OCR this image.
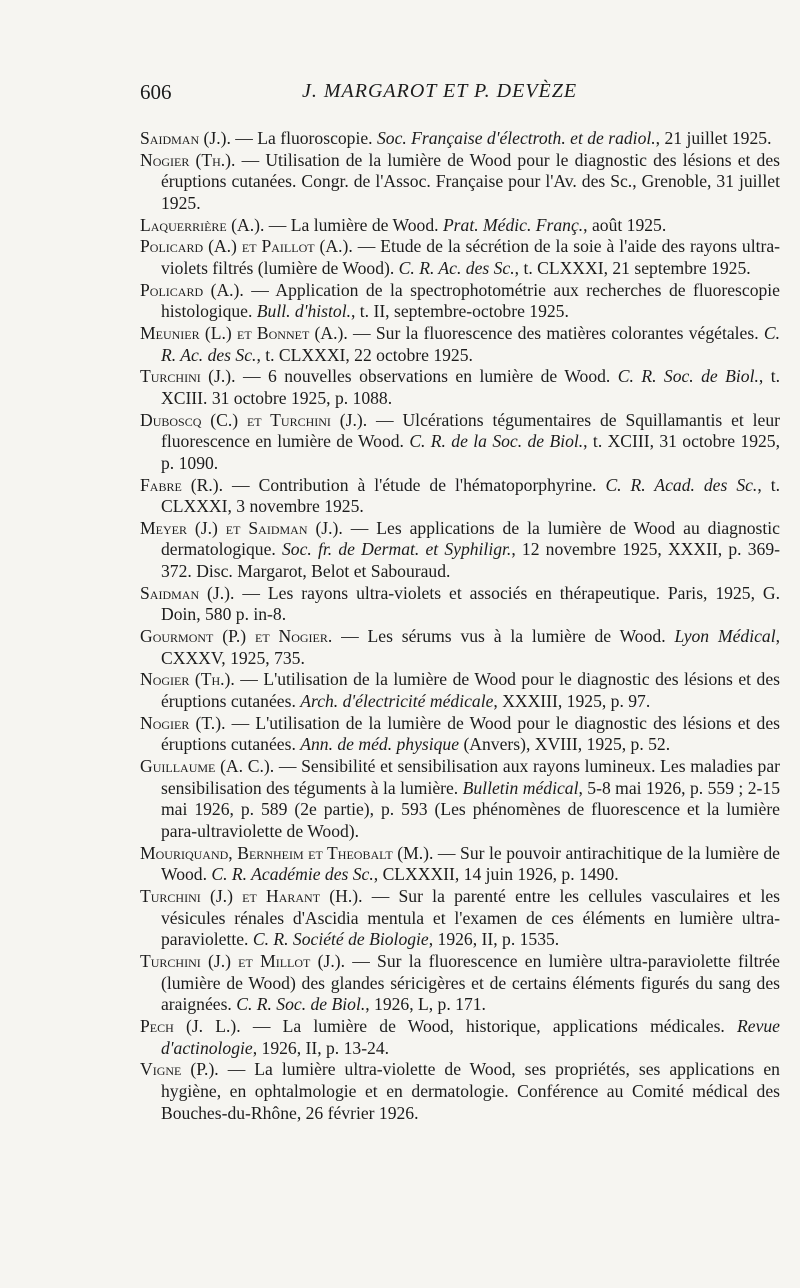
606	J. MARGAROT ET P. DEVÈZE

Saidman (J.). — La fluoroscopie. Soc. Française d'électroth. et de radiol., 21 juillet 1925.

Nogier (Th.). — Utilisation de la lumière de Wood pour le diagnostic des lésions et des éruptions cutanées. Congr. de l'Assoc. Française pour l'Av. des Sc., Grenoble, 31 juillet 1925.

Laquerrière (A.). — La lumière de Wood. Prat. Médic. Franç., août 1925.

Policard (A.) et Paillot (A.). — Etude de la sécrétion de la soie à l'aide des rayons ultra-violets filtrés (lumière de Wood). C. R. Ac. des Sc., t. CLXXXI, 21 septembre 1925.

Policard (A.). — Application de la spectrophotométrie aux recherches de fluorescopie histologique. Bull. d'histol., t. II, septembre-octobre 1925.

Meunier (L.) et Bonnet (A.). — Sur la fluorescence des matières colorantes végétales. C. R. Ac. des Sc., t. CLXXXI, 22 octobre 1925.

Turchini (J.). — 6 nouvelles observations en lumière de Wood. C. R. Soc. de Biol., t. XCIII. 31 octobre 1925, p. 1088.

Duboscq (C.) et Turchini (J.). — Ulcérations tégumentaires de Squillamantis et leur fluorescence en lumière de Wood. C. R. de la Soc. de Biol., t. XCIII, 31 octobre 1925, p. 1090.

Fabre (R.). — Contribution à l'étude de l'hématoporphyrine. C. R. Acad. des Sc., t. CLXXXI, 3 novembre 1925.

Meyer (J.) et Saidman (J.). — Les applications de la lumière de Wood au diagnostic dermatologique. Soc. fr. de Dermat. et Syphiligr., 12 novembre 1925, XXXII, p. 369-372. Disc. Margarot, Belot et Sabouraud.

Saidman (J.). — Les rayons ultra-violets et associés en thérapeutique. Paris, 1925, G. Doin, 580 p. in-8.

Gourmont (P.) et Nogier. — Les sérums vus à la lumière de Wood. Lyon Médical, CXXXV, 1925, 735.

Nogier (Th.). — L'utilisation de la lumière de Wood pour le diagnostic des lésions et des éruptions cutanées. Arch. d'électricité médicale, XXXIII, 1925, p. 97.

Nogier (T.). — L'utilisation de la lumière de Wood pour le diagnostic des lésions et des éruptions cutanées. Ann. de méd. physique (Anvers), XVIII, 1925, p. 52.

Guillaume (A. C.). — Sensibilité et sensibilisation aux rayons lumineux. Les maladies par sensibilisation des téguments à la lumière. Bulletin médical, 5-8 mai 1926, p. 559 ; 2-15 mai 1926, p. 589 (2e partie), p. 593 (Les phénomènes de fluorescence et la lumière para-ultraviolette de Wood).

Mouriquand, Bernheim et Theobalt (M.). — Sur le pouvoir antirachitique de la lumière de Wood. C. R. Académie des Sc., CLXXXII, 14 juin 1926, p. 1490.

Turchini (J.) et Harant (H.). — Sur la parenté entre les cellules vasculaires et les vésicules rénales d'Ascidia mentula et l'examen de ces éléments en lumière ultra-paraviolette. C. R. Société de Biologie, 1926, II, p. 1535.

Turchini (J.) et Millot (J.). — Sur la fluorescence en lumière ultra-paraviolette filtrée (lumière de Wood) des glandes séricigères et de certains éléments figurés du sang des araignées. C. R. Soc. de Biol., 1926, L, p. 171.

Pech (J. L.). — La lumière de Wood, historique, applications médicales. Revue d'actinologie, 1926, II, p. 13-24.

Vigne (P.). — La lumière ultra-violette de Wood, ses propriétés, ses applications en hygiène, en ophtalmologie et en dermatologie. Conférence au Comité médical des Bouches-du-Rhône, 26 février 1926.
